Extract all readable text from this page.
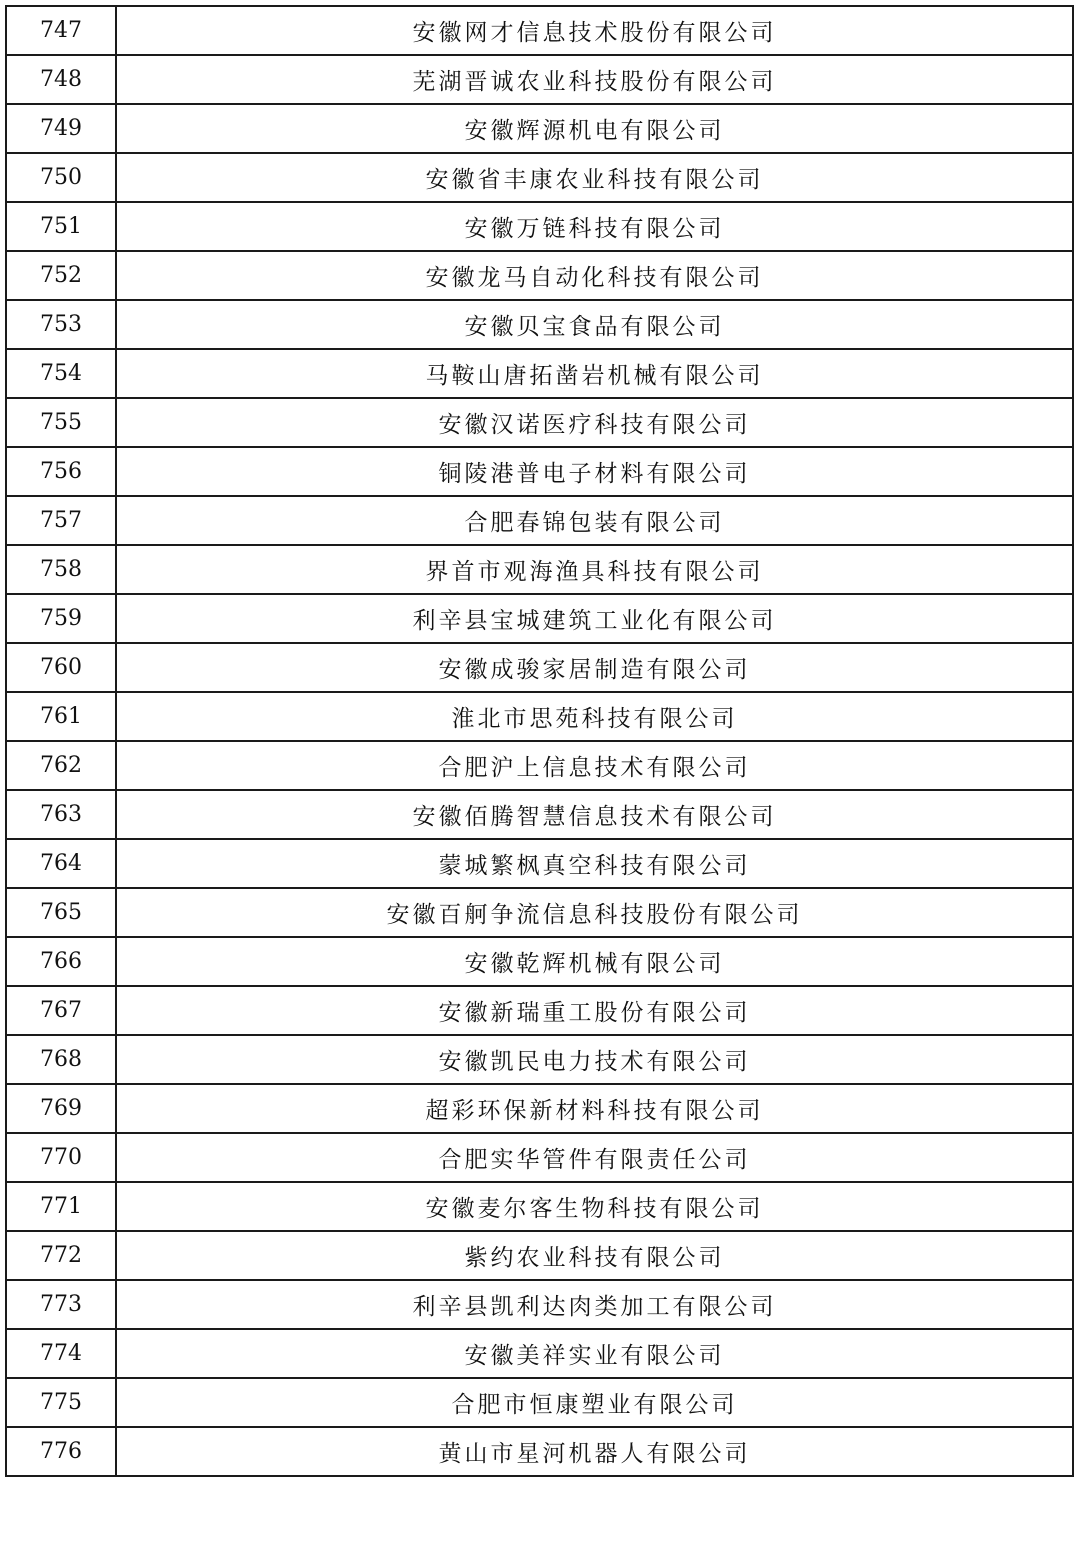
747	安徽网才信息技术股份有限公司
748	芜湖晋诚农业科技股份有限公司
749	安徽辉源机电有限公司
750	安徽省丰康农业科技有限公司
751	安徽万链科技有限公司
752	安徽龙马自动化科技有限公司
753	安徽贝宝食品有限公司
754	马鞍山唐拓凿岩机械有限公司
755	安徽汉诺医疗科技有限公司
756	铜陵港普电子材料有限公司
757	合肥春锦包装有限公司
758	界首市观海渔具科技有限公司
759	利辛县宝城建筑工业化有限公司
760	安徽成骏家居制造有限公司
761	淮北市思苑科技有限公司
762	合肥沪上信息技术有限公司
763	安徽佰腾智慧信息技术有限公司
764	蒙城繁枫真空科技有限公司
765	安徽百舸争流信息科技股份有限公司
766	安徽乾辉机械有限公司
767	安徽新瑞重工股份有限公司
768	安徽凯民电力技术有限公司
769	超彩环保新材料科技有限公司
770	合肥实华管件有限责任公司
771	安徽麦尔客生物科技有限公司
772	紫约农业科技有限公司
773	利辛县凯利达肉类加工有限公司
774	安徽美祥实业有限公司
775	合肥市恒康塑业有限公司
776	黄山市星河机器人有限公司
